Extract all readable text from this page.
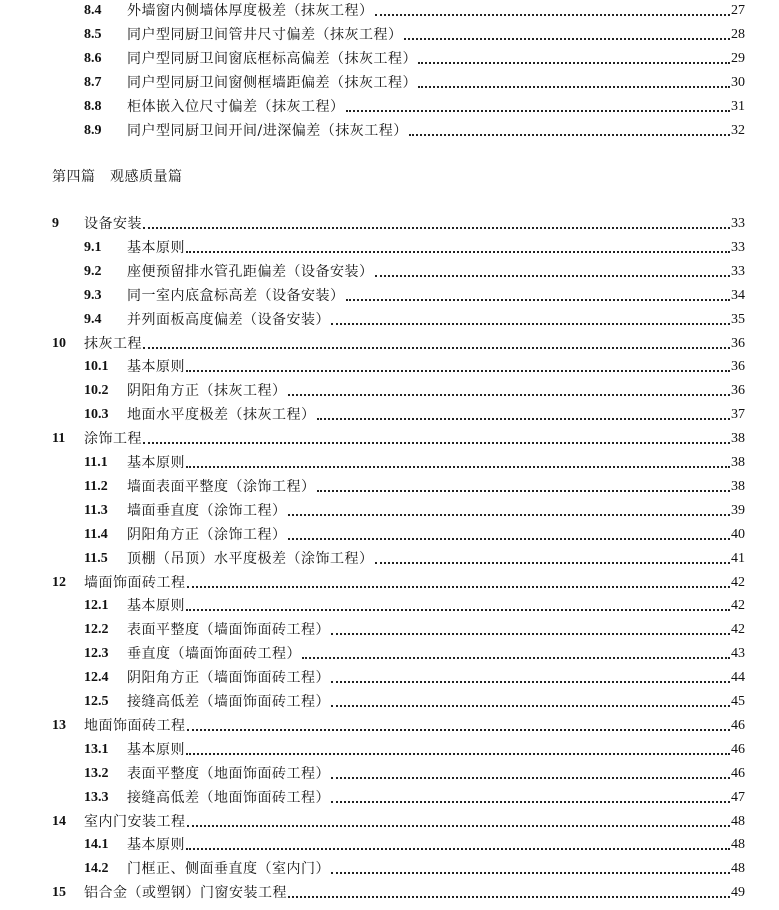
第四篇　观感质量篇
8.4	外墙窗内侧墙体厚度极差（抹灰工程）	27
8.5	同户型同厨卫间管井尺寸偏差（抹灰工程）	28
8.6	同户型同厨卫间窗底框标高偏差（抹灰工程）	29
8.7	同户型同厨卫间窗侧框墙距偏差（抹灰工程）	30
8.8	柜体嵌入位尺寸偏差（抹灰工程）	31
8.9	同户型同厨卫间开间/进深偏差（抹灰工程）	32
9	设备安装	33
9.1	基本原则	33
9.2	座便预留排水管孔距偏差（设备安装）	33
9.3	同一室内底盒标高差（设备安装）	34
9.4	并列面板高度偏差（设备安装）	35
10	抹灰工程	36
10.1	基本原则	36
10.2	阴阳角方正（抹灰工程）	36
10.3	地面水平度极差（抹灰工程）	37
11	涂饰工程	38
11.1	基本原则	38
11.2	墙面表面平整度（涂饰工程）	38
11.3	墙面垂直度（涂饰工程）	39
11.4	阴阳角方正（涂饰工程）	40
11.5	顶棚（吊顶）水平度极差（涂饰工程）	41
12	墙面饰面砖工程	42
12.1	基本原则	42
12.2	表面平整度（墙面饰面砖工程）	42
12.3	垂直度（墙面饰面砖工程）	43
12.4	阴阳角方正（墙面饰面砖工程）	44
12.5	接缝高低差（墙面饰面砖工程）	45
13	地面饰面砖工程	46
13.1	基本原则	46
13.2	表面平整度（地面饰面砖工程）	46
13.3	接缝高低差（地面饰面砖工程）	47
14	室内门安装工程	48
14.1	基本原则	48
14.2	门框正、侧面垂直度（室内门）	48
15	铝合金（或塑钢）门窗安装工程	49
